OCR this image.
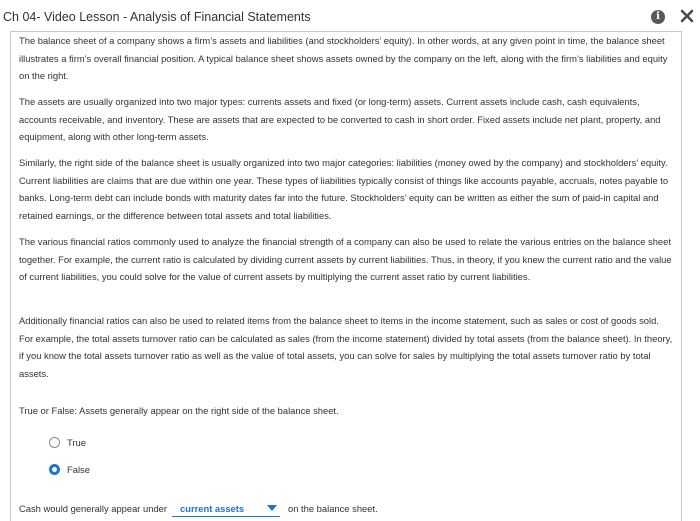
Ch 04- Video Lesson - Analysis of Financial Statements	i

The balance sheet of a company shows a firm’s assets and liabilities (and stockholders’ equity). In other words, at any given point in time, the balance sheet illustrates a firm’s overall financial position. A typical balance sheet shows assets owned by the company on the left, along with the firm’s liabilities and equity on the right.

The assets are usually organized into two major types: currents assets and fixed (or long-term) assets. Current assets include cash, cash equivalents, accounts receivable, and inventory. These are assets that are expected to be converted to cash in short order. Fixed assets include net plant, property, and equipment, along with other long-term assets.

Similarly, the right side of the balance sheet is usually organized into two major categories: liabilities (money owed by the company) and stockholders’ equity. Current liabilities are claims that are due within one year. These types of liabilities typically consist of things like accounts payable, accruals, notes payable to banks. Long-term debt can include bonds with maturity dates far into the future. Stockholders’ equity can be written as either the sum of paid-in capital and retained earnings, or the difference between total assets and total liabilities.

The various financial ratios commonly used to analyze the financial strength of a company can also be used to relate the various entries on the balance sheet together. For example, the current ratio is calculated by dividing current assets by current liabilities. Thus, in theory, if you knew the current ratio and the value of current liabilities, you could solve for the value of current assets by multiplying the current asset ratio by current liabilities.

Additionally financial ratios can also be used to related items from the balance sheet to items in the income statement, such as sales or cost of goods sold. For example, the total assets turnover ratio can be calculated as sales (from the income statement) divided by total assets (from the balance sheet). In theory, if you know the total assets turnover ratio as well as the value of total assets, you can solve for sales by multiplying the total assets turnover ratio by total assets.

True or False: Assets generally appear on the right side of the balance sheet.
True
False
Cash would generally appear under	current assets	on the balance sheet.
